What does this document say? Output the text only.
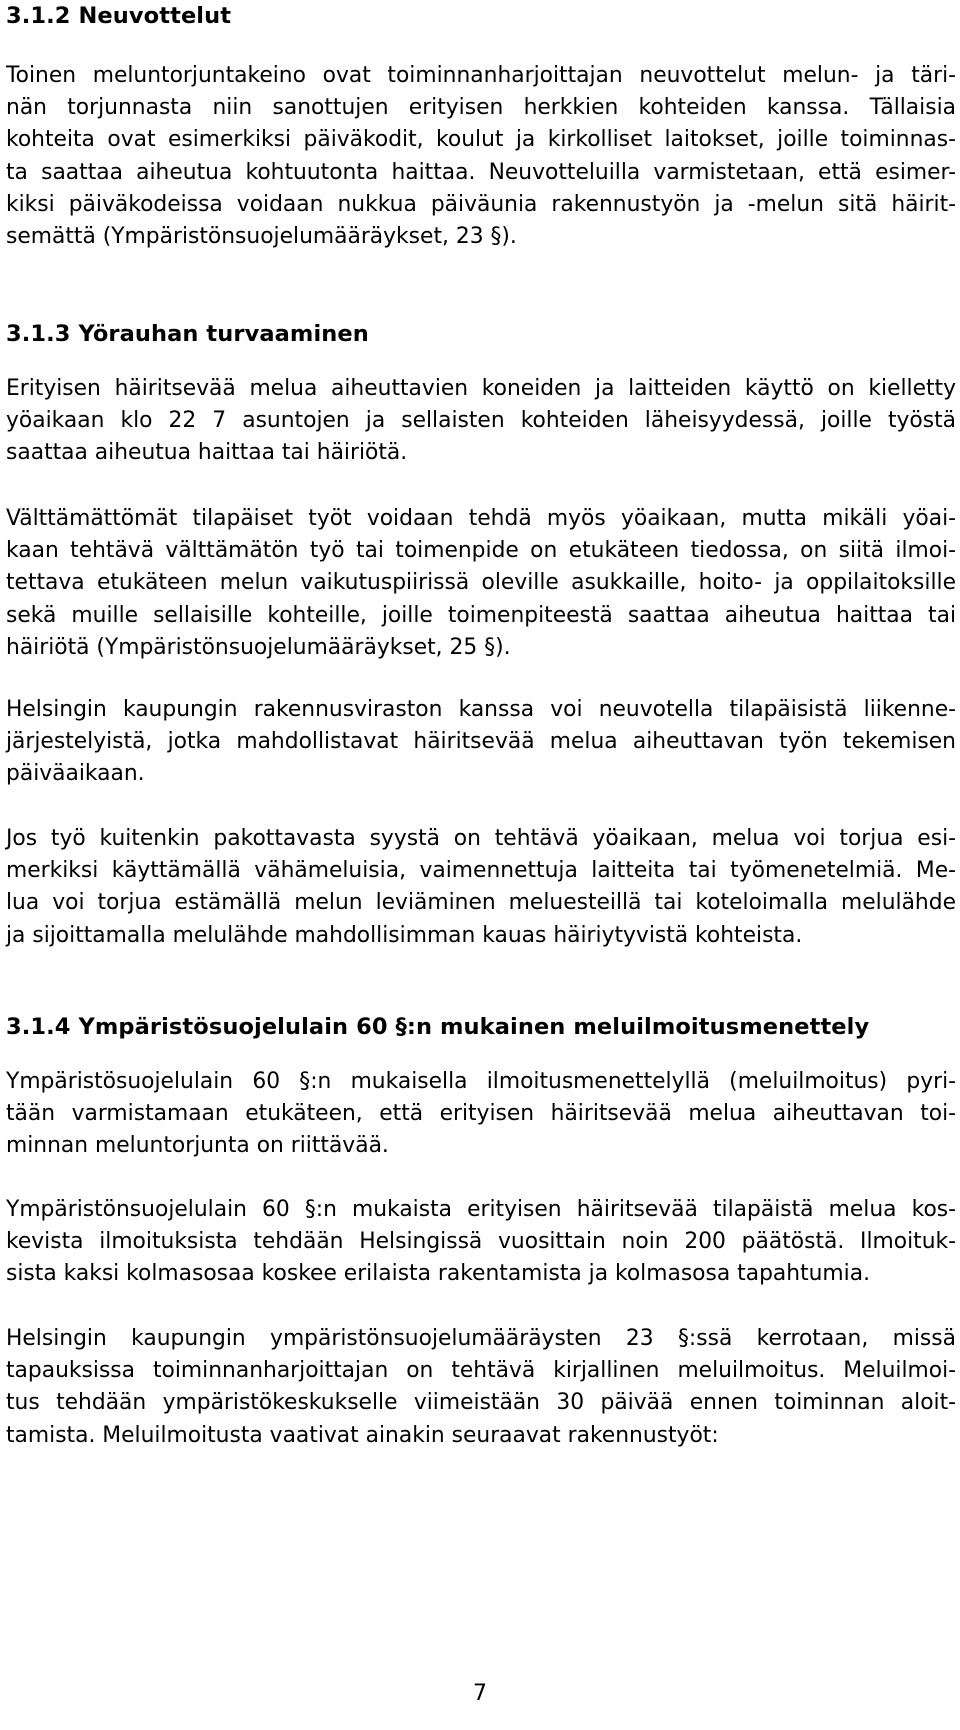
3.1.2 Neuvottelut

Toinen meluntorjuntakeino ovat toiminnanharjoittajan neuvottelut melun- ja täri-
nän torjunnasta niin sanottujen erityisen herkkien kohteiden kanssa. Tällaisia
kohteita ovat esimerkiksi päiväkodit, koulut ja kirkolliset laitokset, joille toiminnas-
ta saattaa aiheutua kohtuutonta haittaa. Neuvotteluilla varmistetaan, että esimer-
kiksi päiväkodeissa voidaan nukkua päiväunia rakennustyön ja -melun sitä häirit-
semättä (Ympäristönsuojelumääräykset, 23 §).

3.1.3 Yörauhan turvaaminen

Erityisen häiritsevää melua aiheuttavien koneiden ja laitteiden käyttö on kielletty
yöaikaan klo 22 7 asuntojen ja sellaisten kohteiden läheisyydessä, joille työstä
saattaa aiheutua haittaa tai häiriötä.

Välttämättömät tilapäiset työt voidaan tehdä myös yöaikaan, mutta mikäli yöai-
kaan tehtävä välttämätön työ tai toimenpide on etukäteen tiedossa, on siitä ilmoi-
tettava etukäteen melun vaikutuspiirissä oleville asukkaille, hoito- ja oppilaitoksille
sekä muille sellaisille kohteille, joille toimenpiteestä saattaa aiheutua haittaa tai
häiriötä (Ympäristönsuojelumääräykset, 25 §).

Helsingin kaupungin rakennusviraston kanssa voi neuvotella tilapäisistä liikenne-
järjestelyistä, jotka mahdollistavat häiritsevää melua aiheuttavan työn tekemisen
päiväaikaan.

Jos työ kuitenkin pakottavasta syystä on tehtävä yöaikaan, melua voi torjua esi-
merkiksi käyttämällä vähämeluisia, vaimennettuja laitteita tai työmenetelmiä. Me-
lua voi torjua estämällä melun leviäminen meluesteillä tai koteloimalla melulähde
ja sijoittamalla melulähde mahdollisimman kauas häiriytyvistä kohteista.

3.1.4 Ympäristösuojelulain 60 §:n mukainen meluilmoitusmenettely

Ympäristösuojelulain 60 §:n mukaisella ilmoitusmenettelyllä (meluilmoitus) pyri-
tään varmistamaan etukäteen, että erityisen häiritsevää melua aiheuttavan toi-
minnan meluntorjunta on riittävää.

Ympäristönsuojelulain 60 §:n mukaista erityisen häiritsevää tilapäistä melua kos-
kevista ilmoituksista tehdään Helsingissä vuosittain noin 200 päätöstä. Ilmoituk-
sista kaksi kolmasosaa koskee erilaista rakentamista ja kolmasosa tapahtumia.

Helsingin kaupungin ympäristönsuojelumääräysten 23 §:ssä kerrotaan, missä
tapauksissa toiminnanharjoittajan on tehtävä kirjallinen meluilmoitus. Meluilmoi-
tus tehdään ympäristökeskukselle viimeistään 30 päivää ennen toiminnan aloit-
tamista. Meluilmoitusta vaativat ainakin seuraavat rakennustyöt:

7
